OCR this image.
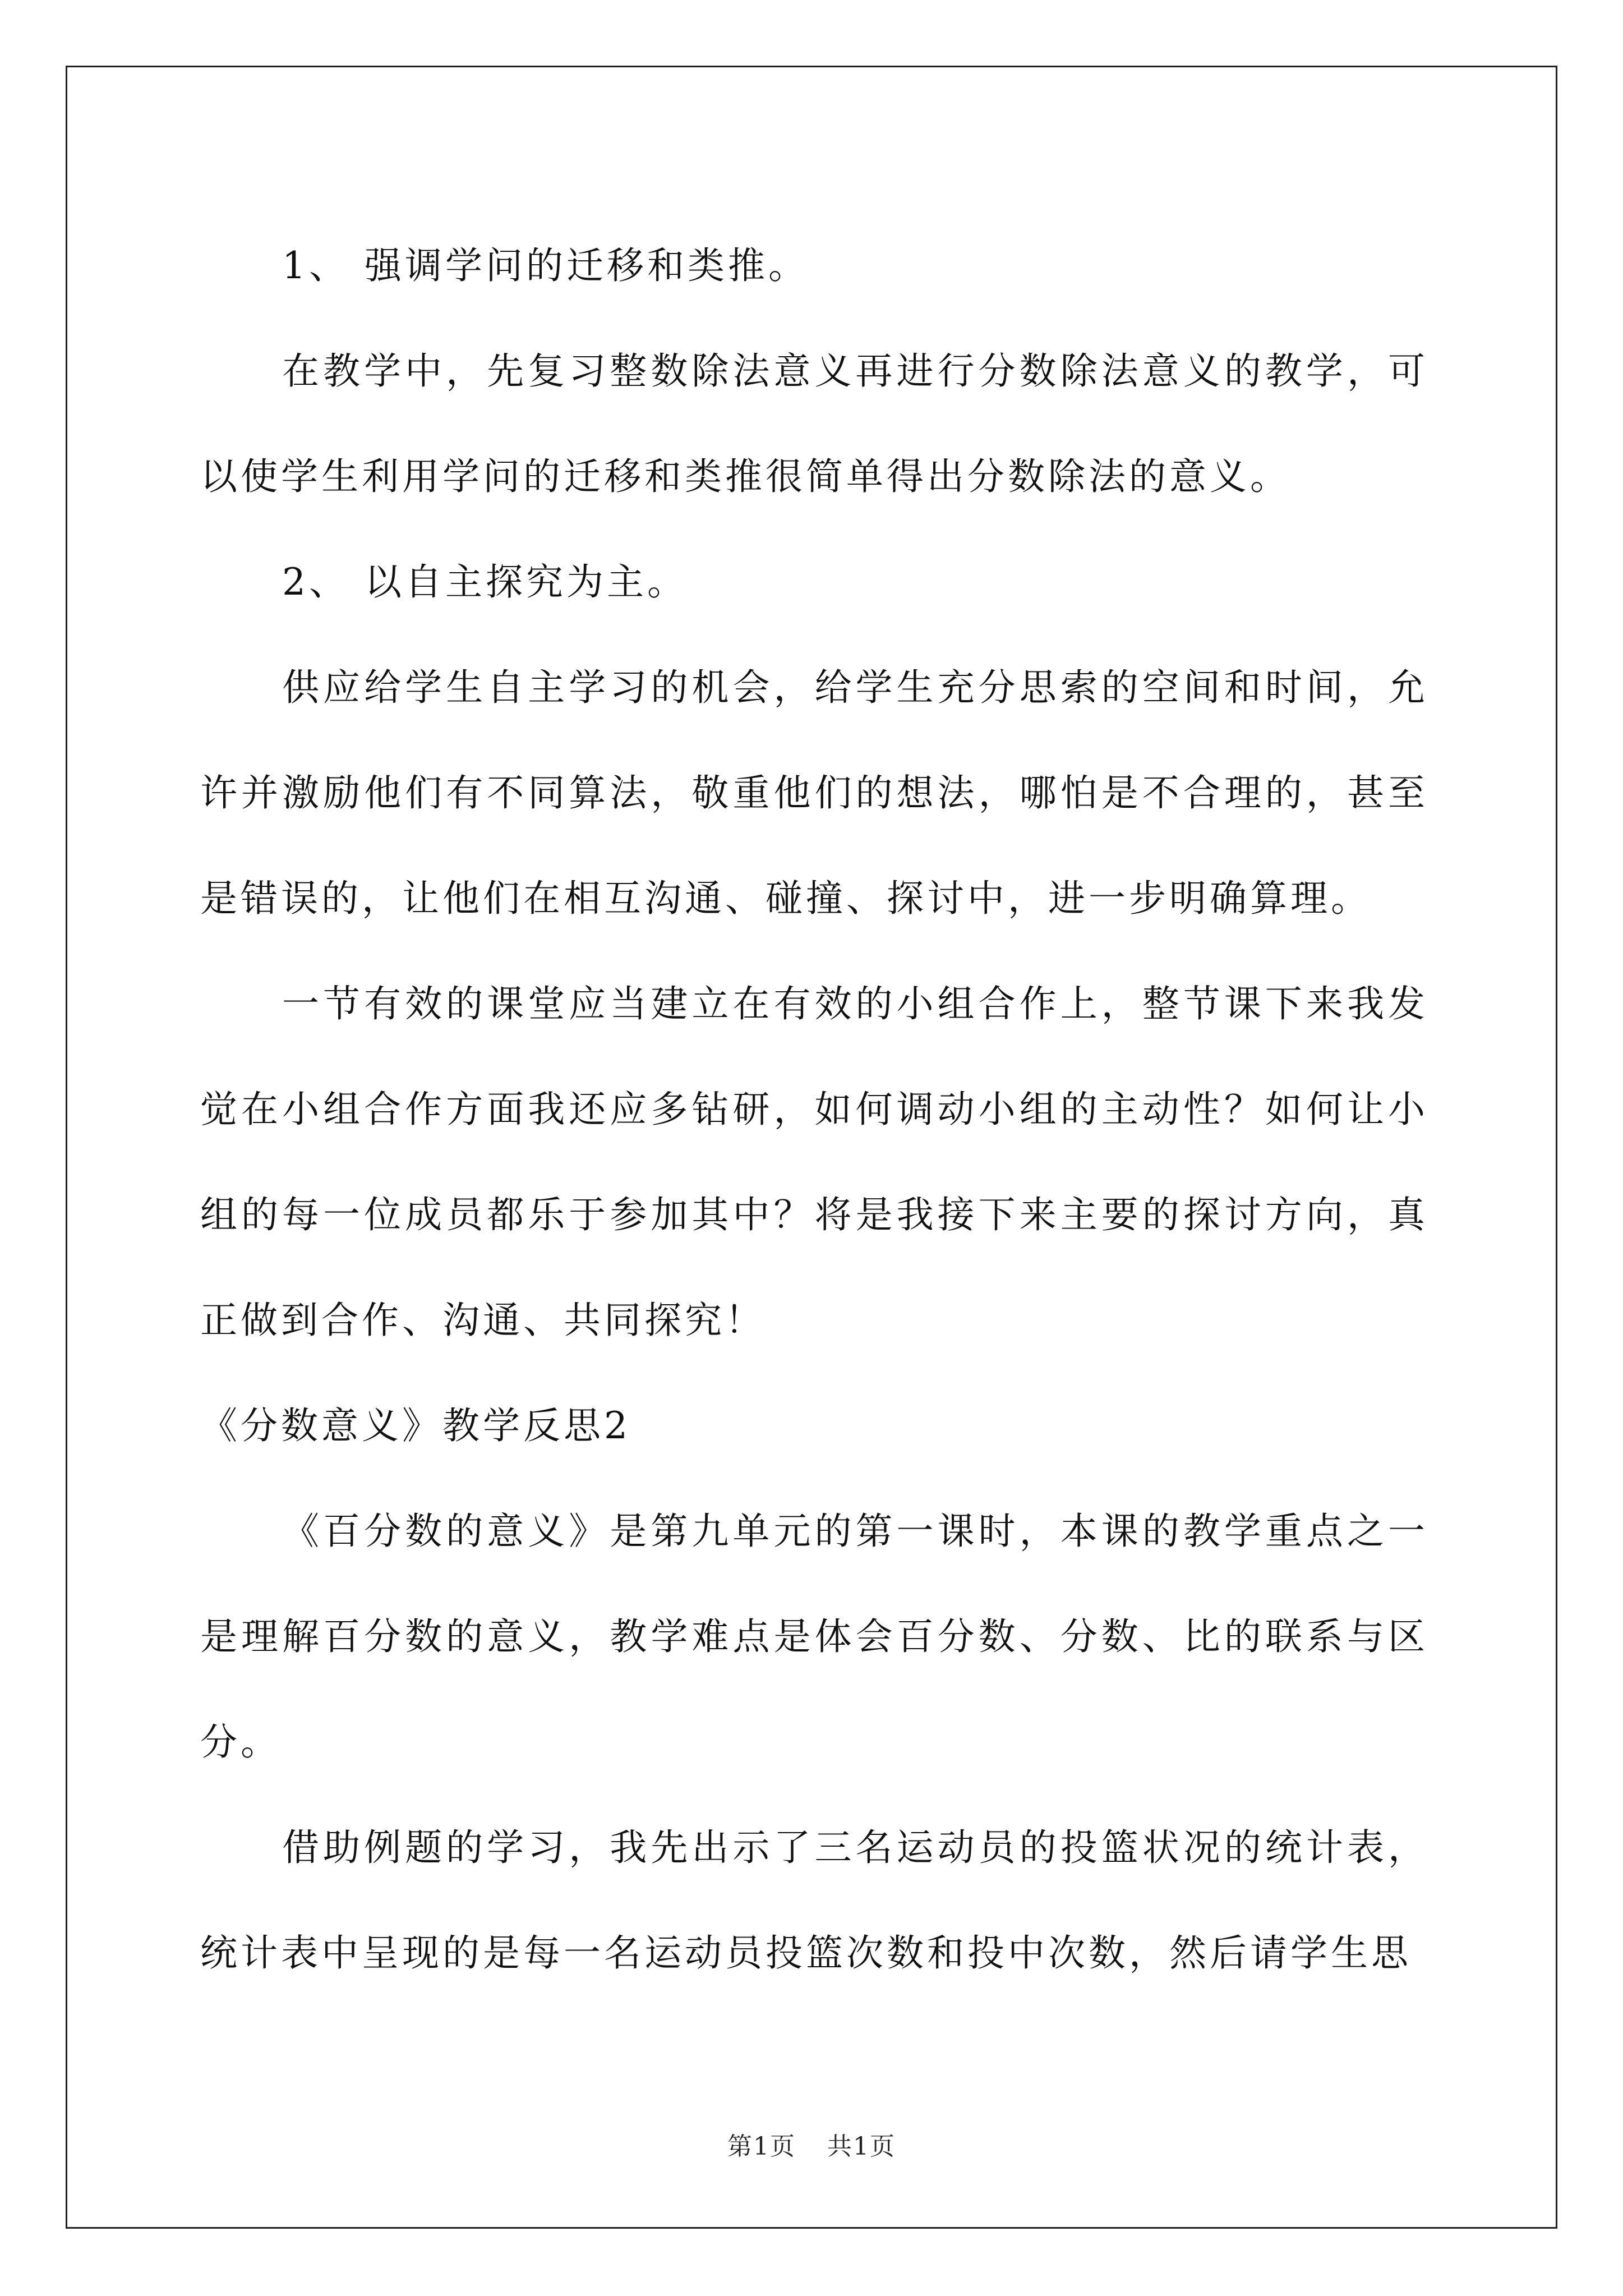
1、 强调学问的迁移和类推。

在教学中，先复习整数除法意义再进行分数除法意义的教学，可以使学生利用学问的迁移和类推很简单得出分数除法的意义。

2、 以自主探究为主。

供应给学生自主学习的机会，给学生充分思索的空间和时间，允许并激励他们有不同算法，敬重他们的想法，哪怕是不合理的，甚至是错误的，让他们在相互沟通、碰撞、探讨中，进一步明确算理。

一节有效的课堂应当建立在有效的小组合作上，整节课下来我发觉在小组合作方面我还应多钻研，如何调动小组的主动性？如何让小组的每一位成员都乐于参加其中？将是我接下来主要的探讨方向，真正做到合作、沟通、共同探究！

《分数意义》教学反思2

《百分数的意义》是第九单元的第一课时，本课的教学重点之一是理解百分数的意义，教学难点是体会百分数、分数、比的联系与区分。

借助例题的学习，我先出示了三名运动员的投篮状况的统计表，统计表中呈现的是每一名运动员投篮次数和投中次数，然后请学生思

第1页 共1页
